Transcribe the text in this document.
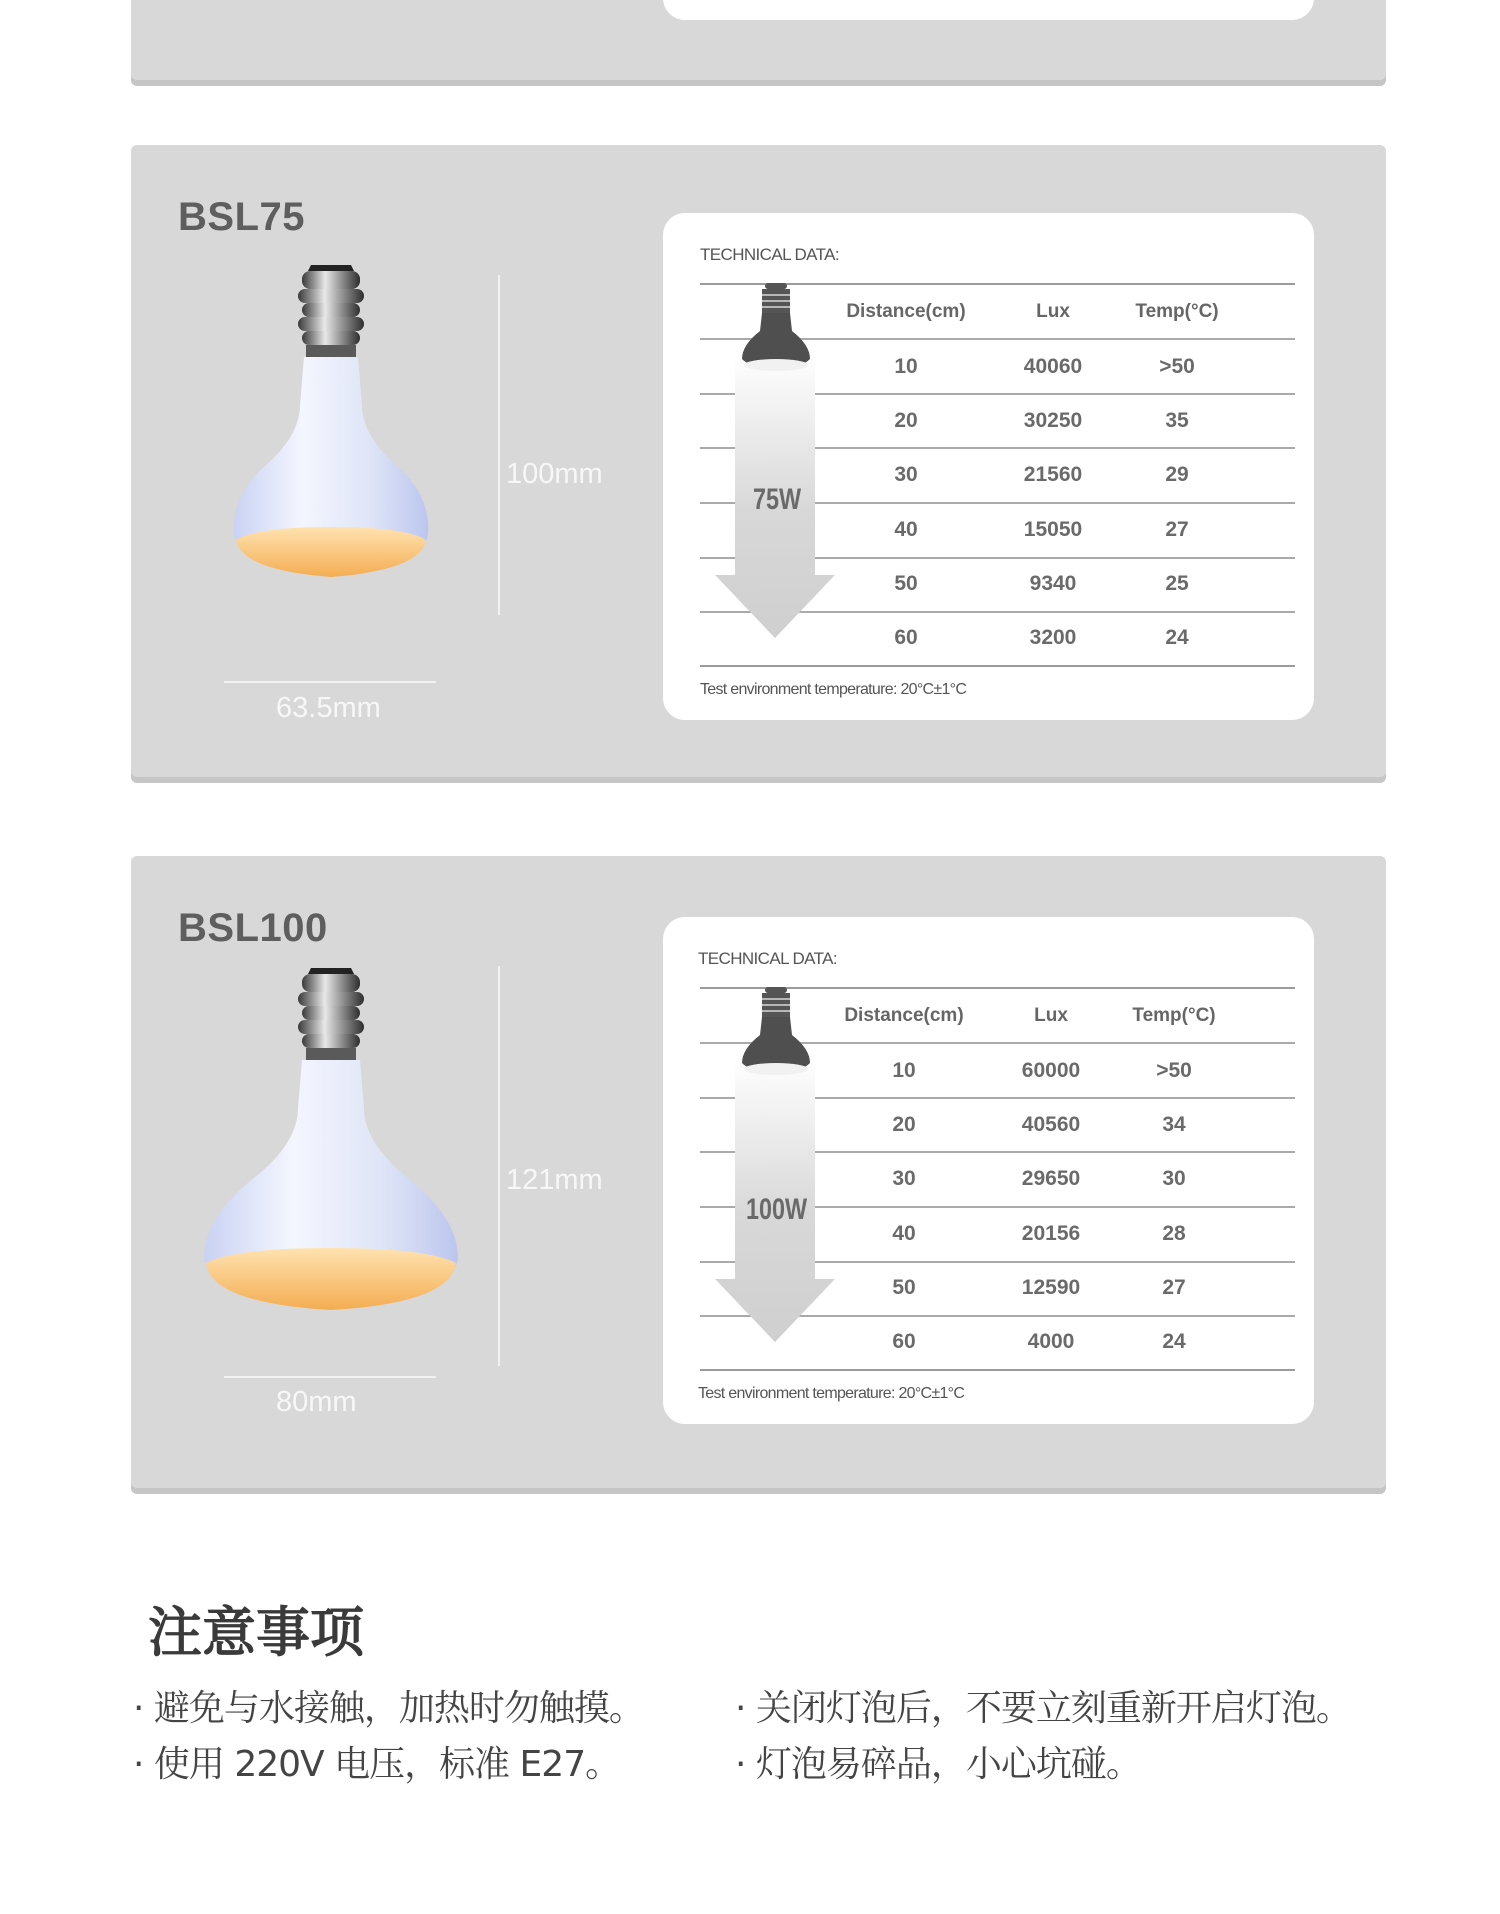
BSL75
100mm
63.5mm
TECHNICAL DATA:
75W
Distance(cm)	Lux	Temp(°C)
10	40060	>50
20	30250	35
30	21560	29
40	15050	27
50	9340	25
60	3200	24
Test environment temperature: 20°C±1°C
BSL100
121mm
80mm
TECHNICAL DATA:
100W
Distance(cm)	Lux	Temp(°C)
10	60000	>50
20	40560	34
30	29650	30
40	20156	28
50	12590	27
60	4000	24
Test environment temperature: 20°C±1°C
注意事项
· 避免与水接触，加热时勿触摸。	· 关闭灯泡后，不要立刻重新开启灯泡。
· 使用 220V 电压，标准 E27。	· 灯泡易碎品，小心坑碰。
